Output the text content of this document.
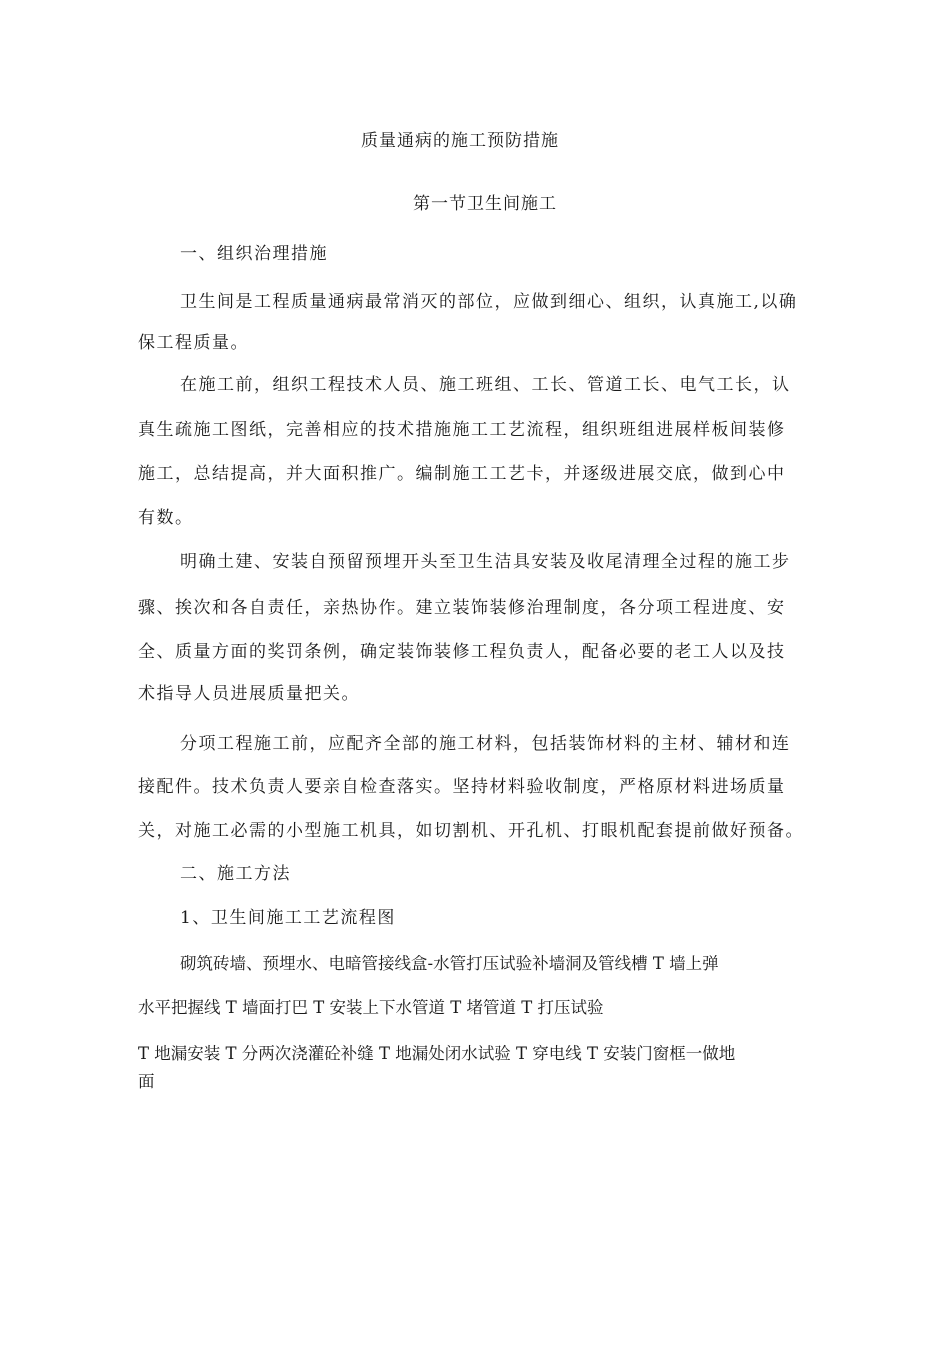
质量通病的施工预防措施
第一节卫生间施工
一、组织治理措施
卫生间是工程质量通病最常消灭的部位，应做到细心、组织，认真施工,以确
保工程质量。
在施工前，组织工程技术人员、施工班组、工长、管道工长、电气工长，认
真生疏施工图纸，完善相应的技术措施施工工艺流程，组织班组进展样板间装修
施工，总结提高，并大面积推广。编制施工工艺卡，并逐级进展交底，做到心中
有数。
明确土建、安装自预留预埋开头至卫生洁具安装及收尾清理全过程的施工步
骤、挨次和各自责任，亲热协作。建立装饰装修治理制度，各分项工程进度、安
全、质量方面的奖罚条例，确定装饰装修工程负责人，配备必要的老工人以及技
术指导人员进展质量把关。
分项工程施工前，应配齐全部的施工材料，包括装饰材料的主材、辅材和连
接配件。技术负责人要亲自检查落实。坚持材料验收制度，严格原材料进场质量
关，对施工必需的小型施工机具，如切割机、开孔机、打眼机配套提前做好预备。
二、施工方法
1、卫生间施工工艺流程图
砌筑砖墙、预埋水、电暗管接线盒-水管打压试验补墙洞及管线槽 T 墙上弹
水平把握线 T 墙面打巴 T 安装上下水管道 T 堵管道 T 打压试验
T 地漏安装 T 分两次浇灌砼补缝 T 地漏处闭水试验 T 穿电线 T 安装门窗框一做地
面
